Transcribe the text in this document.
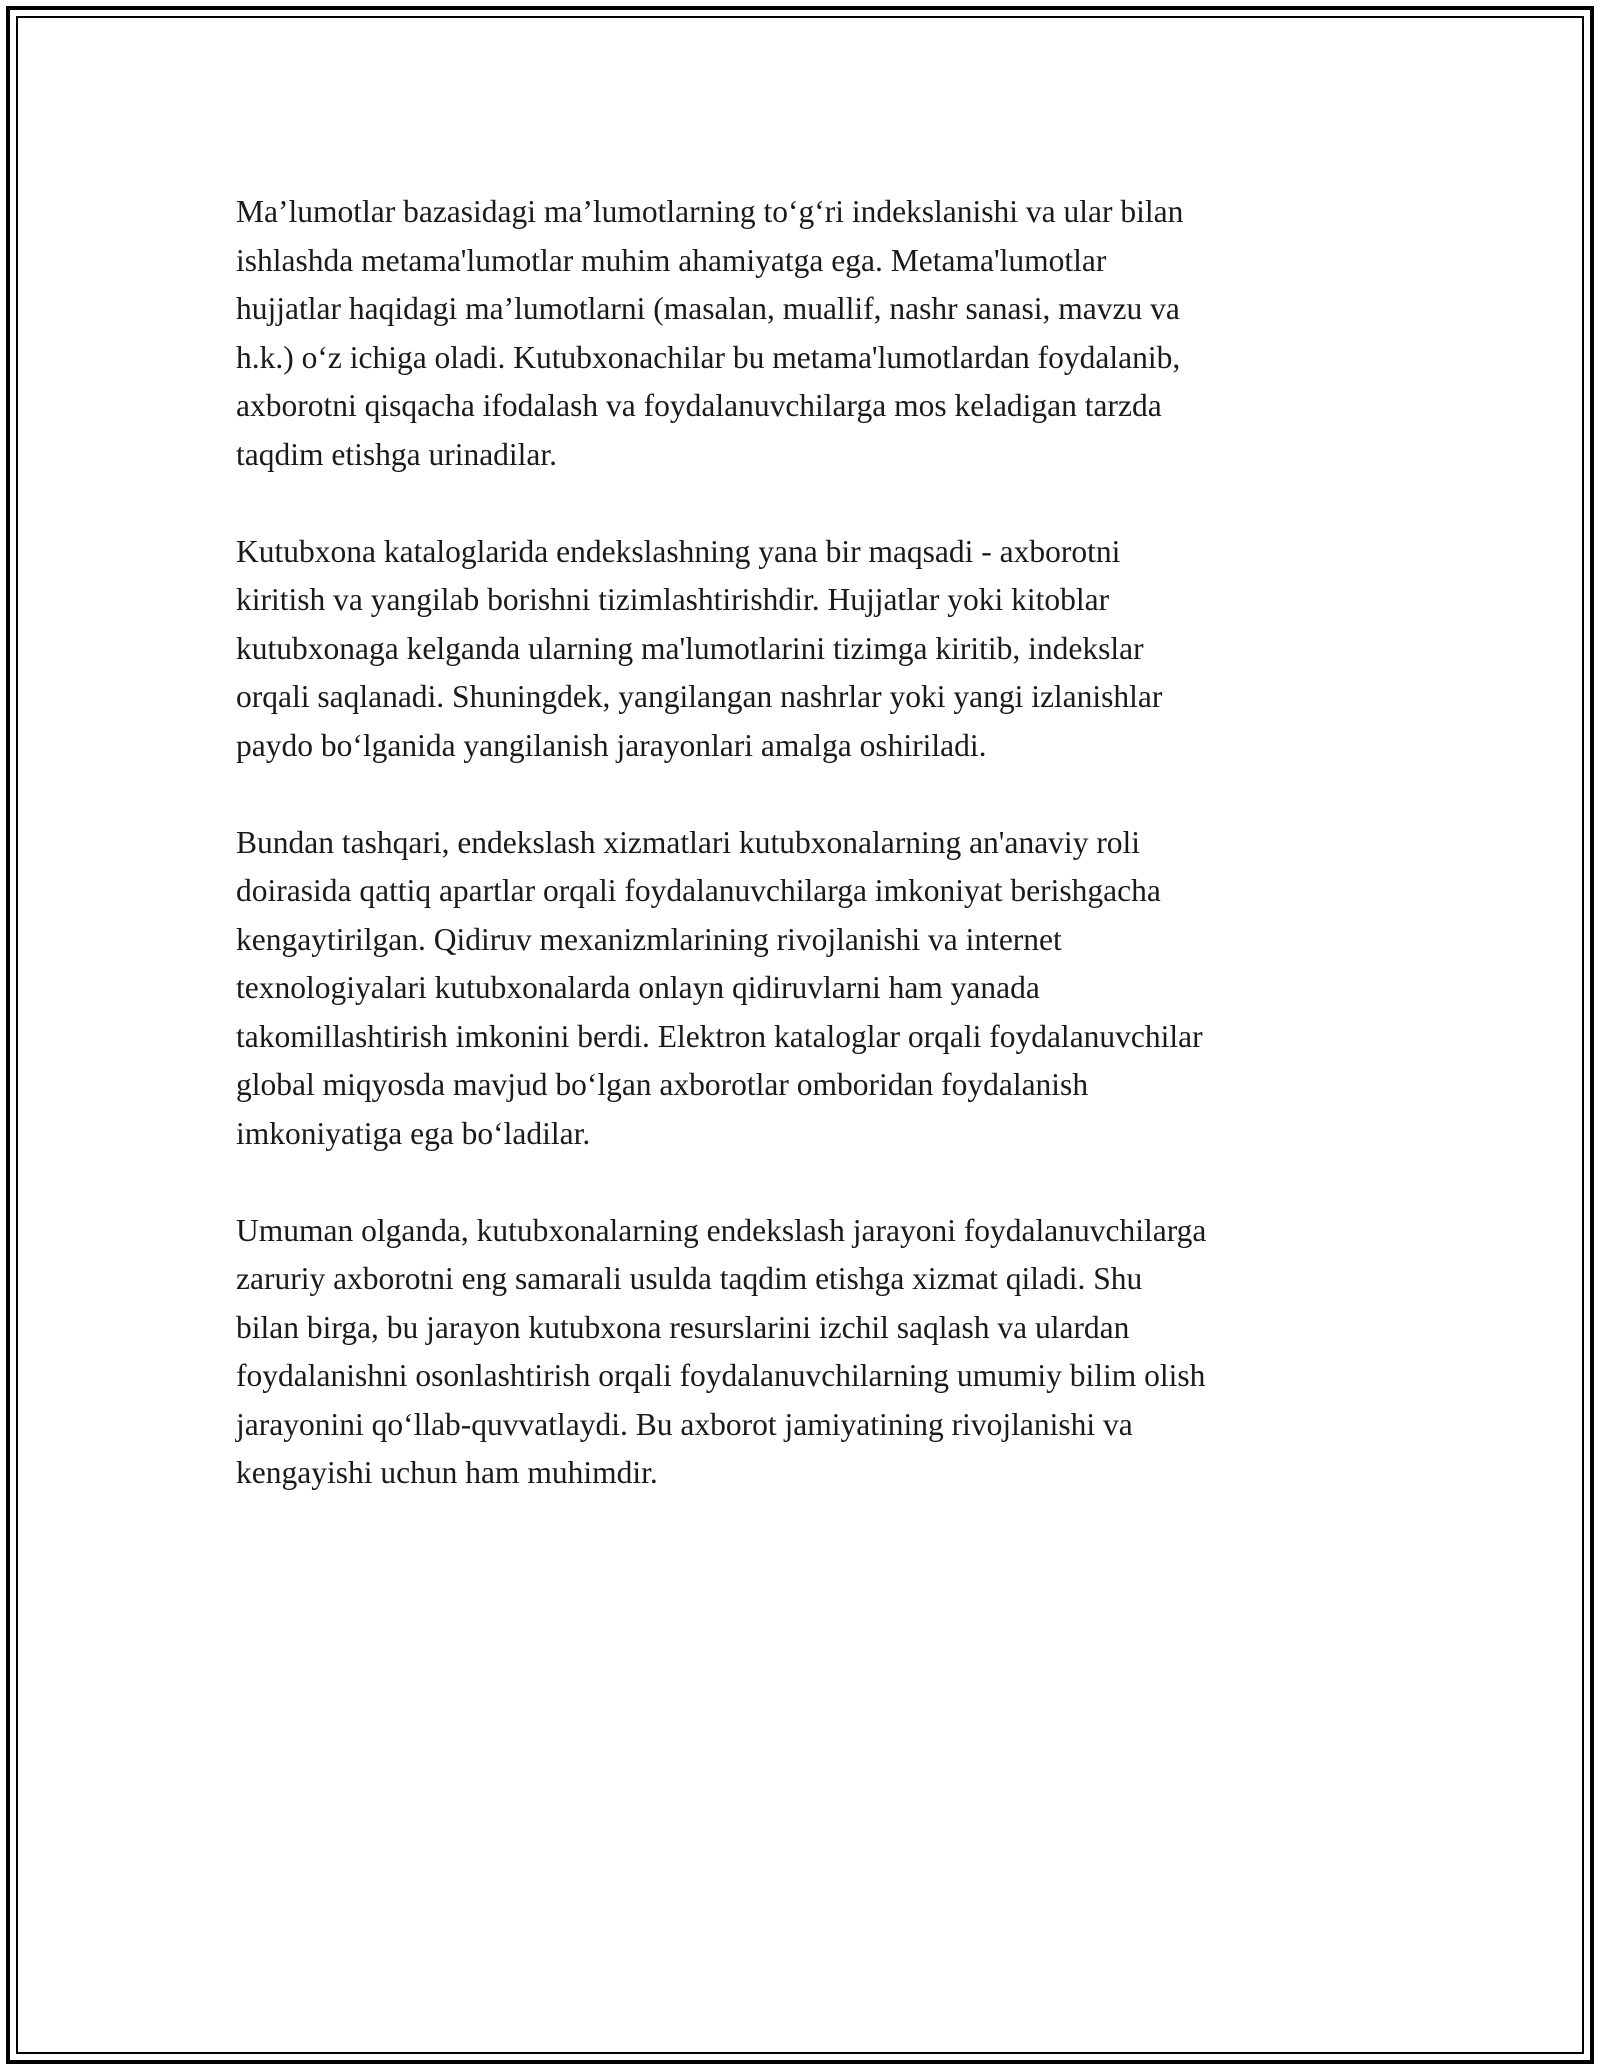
Ma’lumotlar bazasidagi ma’lumotlarning to‘g‘ri indekslanishi va ular bilan
ishlashda metama'lumotlar muhim ahamiyatga ega. Metama'lumotlar
hujjatlar haqidagi ma’lumotlarni (masalan, muallif, nashr sanasi, mavzu va
h.k.) o‘z ichiga oladi. Kutubxonachilar bu metama'lumotlardan foydalanib,
axborotni qisqacha ifodalash va foydalanuvchilarga mos keladigan tarzda
taqdim etishga urinadilar.

Kutubxona kataloglarida endekslashning yana bir maqsadi - axborotni
kiritish va yangilab borishni tizimlashtirishdir. Hujjatlar yoki kitoblar
kutubxonaga kelganda ularning ma'lumotlarini tizimga kiritib, indekslar
orqali saqlanadi. Shuningdek, yangilangan nashrlar yoki yangi izlanishlar
paydo bo‘lganida yangilanish jarayonlari amalga oshiriladi.

Bundan tashqari, endekslash xizmatlari kutubxonalarning an'anaviy roli
doirasida qattiq apartlar orqali foydalanuvchilarga imkoniyat berishgacha
kengaytirilgan. Qidiruv mexanizmlarining rivojlanishi va internet
texnologiyalari kutubxonalarda onlayn qidiruvlarni ham yanada
takomillashtirish imkonini berdi. Elektron kataloglar orqali foydalanuvchilar
global miqyosda mavjud bo‘lgan axborotlar omboridan foydalanish
imkoniyatiga ega bo‘ladilar.

Umuman olganda, kutubxonalarning endekslash jarayoni foydalanuvchilarga
zaruriy axborotni eng samarali usulda taqdim etishga xizmat qiladi. Shu
bilan birga, bu jarayon kutubxona resurslarini izchil saqlash va ulardan
foydalanishni osonlashtirish orqali foydalanuvchilarning umumiy bilim olish
jarayonini qo‘llab-quvvatlaydi. Bu axborot jamiyatining rivojlanishi va
kengayishi uchun ham muhimdir.
